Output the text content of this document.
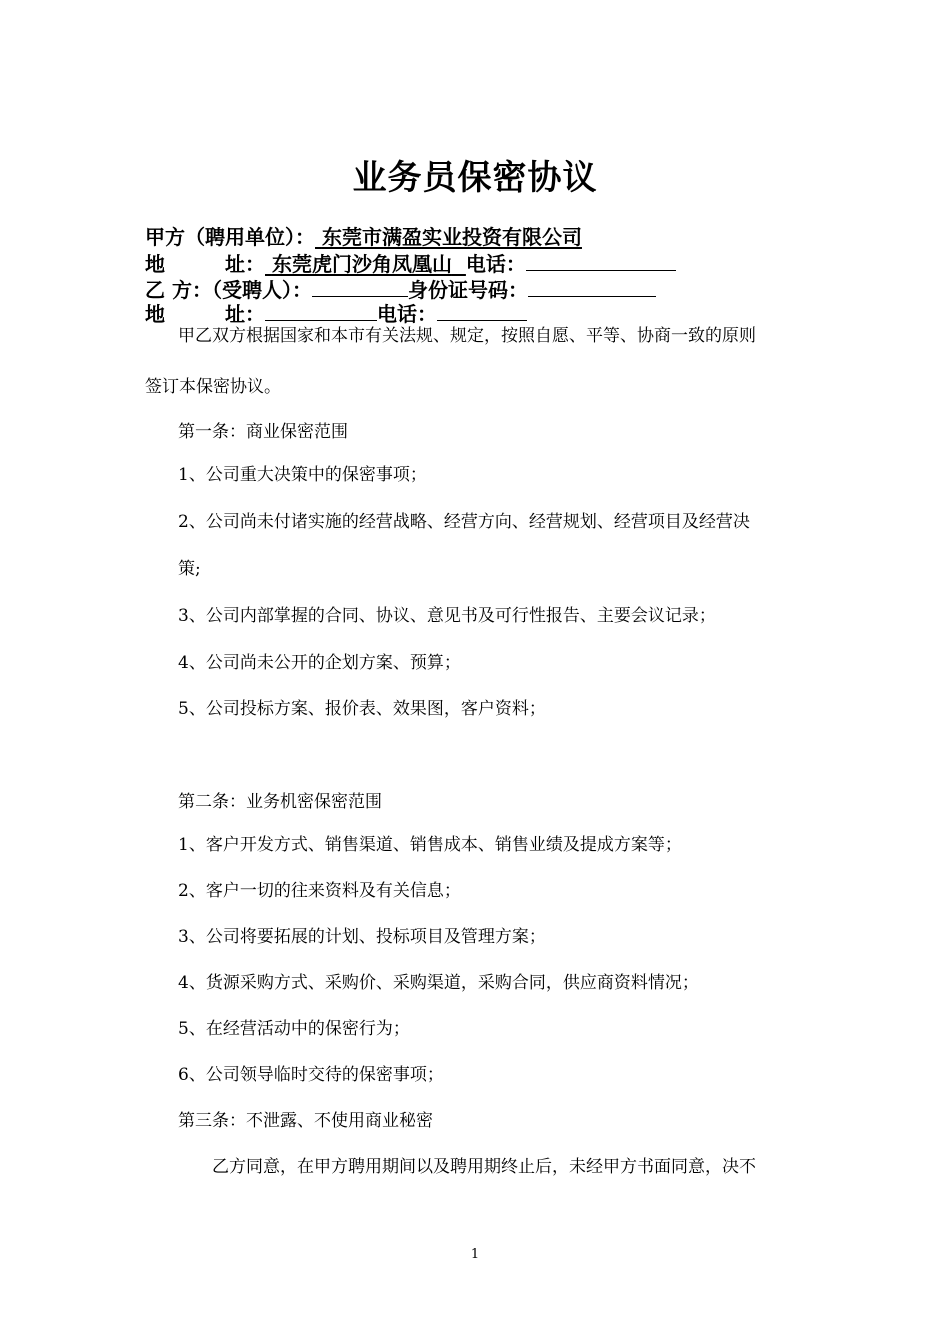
业务员保密协议
甲方（聘用单位）： 东莞市满盈实业投资有限公司
地	址： 东莞虎门沙角凤凰山 电话：
乙 方：（受聘人）：	身份证号码：
地	址：	电话：
甲乙双方根据国家和本市有关法规、规定，按照自愿、平等、协商一致的原则
签订本保密协议。
第一条：商业保密范围
1、公司重大决策中的保密事项；
2、公司尚未付诸实施的经营战略、经营方向、经营规划、经营项目及经营决
策;
3、公司内部掌握的合同、协议、意见书及可行性报告、主要会议记录；
4、公司尚未公开的企划方案、预算；
5、公司投标方案、报价表、效果图，客户资料；
第二条：业务机密保密范围
1、客户开发方式、销售渠道、销售成本、销售业绩及提成方案等；
2、客户一切的往来资料及有关信息；
3、公司将要拓展的计划、投标项目及管理方案；
4、货源采购方式、采购价、采购渠道，采购合同，供应商资料情况；
5、在经营活动中的保密行为；
6、公司领导临时交待的保密事项；
第三条：不泄露、不使用商业秘密
乙方同意，在甲方聘用期间以及聘用期终止后，未经甲方书面同意，决不
1
